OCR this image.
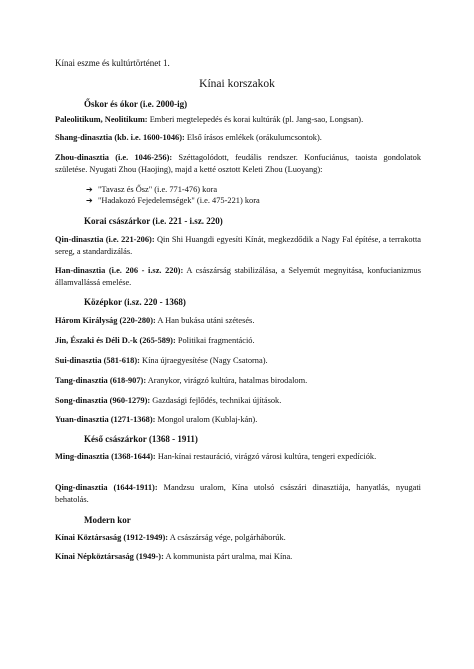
Kínai eszme és kultúrtörténet 1.
Kínai korszakok
Őskor és ókor (i.e. 2000-ig)
Paleolitikum, Neolitikum: Emberi megtelepedés és korai kultúrák (pl. Jang-sao, Longsan).
Shang-dinasztia (kb. i.e. 1600-1046): Első írásos emlékek (orákulumcsontok).
Zhou-dinasztia (i.e. 1046-256): Széttagolódott, feudális rendszer. Konfuciánus, taoista gondolatok születése. Nyugati Zhou (Haojing), majd a ketté osztott Keleti Zhou (Luoyang):
➔ "Tavasz és Ősz" (i.e. 771-476) kora
➔ "Hadakozó Fejedelemségek" (i.e. 475-221) kora
Korai császárkor (i.e. 221 - i.sz. 220)
Qin-dinasztia (i.e. 221-206): Qin Shi Huangdi egyesíti Kínát, megkezdődik a Nagy Fal építése, a terrakotta sereg, a standardizálás.
Han-dinasztia (i.e. 206 - i.sz. 220): A császárság stabilizálása, a Selyemút megnyitása, konfucianizmus államvallássá emelése.
Középkor (i.sz. 220 - 1368)
Három Királyság (220-280): A Han bukása utáni szétesés.
Jin, Északi és Déli D.-k (265-589): Politikai fragmentáció.
Sui-dinasztia (581-618): Kína újraegyesítése (Nagy Csatorna).
Tang-dinasztia (618-907): Aranykor, virágzó kultúra, hatalmas birodalom.
Song-dinasztia (960-1279): Gazdasági fejlődés, technikai újítások.
Yuan-dinasztia (1271-1368): Mongol uralom (Kublaj-kán).
Késő császárkor (1368 - 1911)
Ming-dinasztia (1368-1644): Han-kínai restauráció, virágzó városi kultúra, tengeri expedíciók.
Qing-dinasztia (1644-1911): Mandzsu uralom, Kína utolsó császári dinasztiája, hanyatlás, nyugati behatolás.
Modern kor
Kínai Köztársaság (1912-1949): A császárság vége, polgárháborúk.
Kínai Népköztársaság (1949-): A kommunista párt uralma, mai Kína.
